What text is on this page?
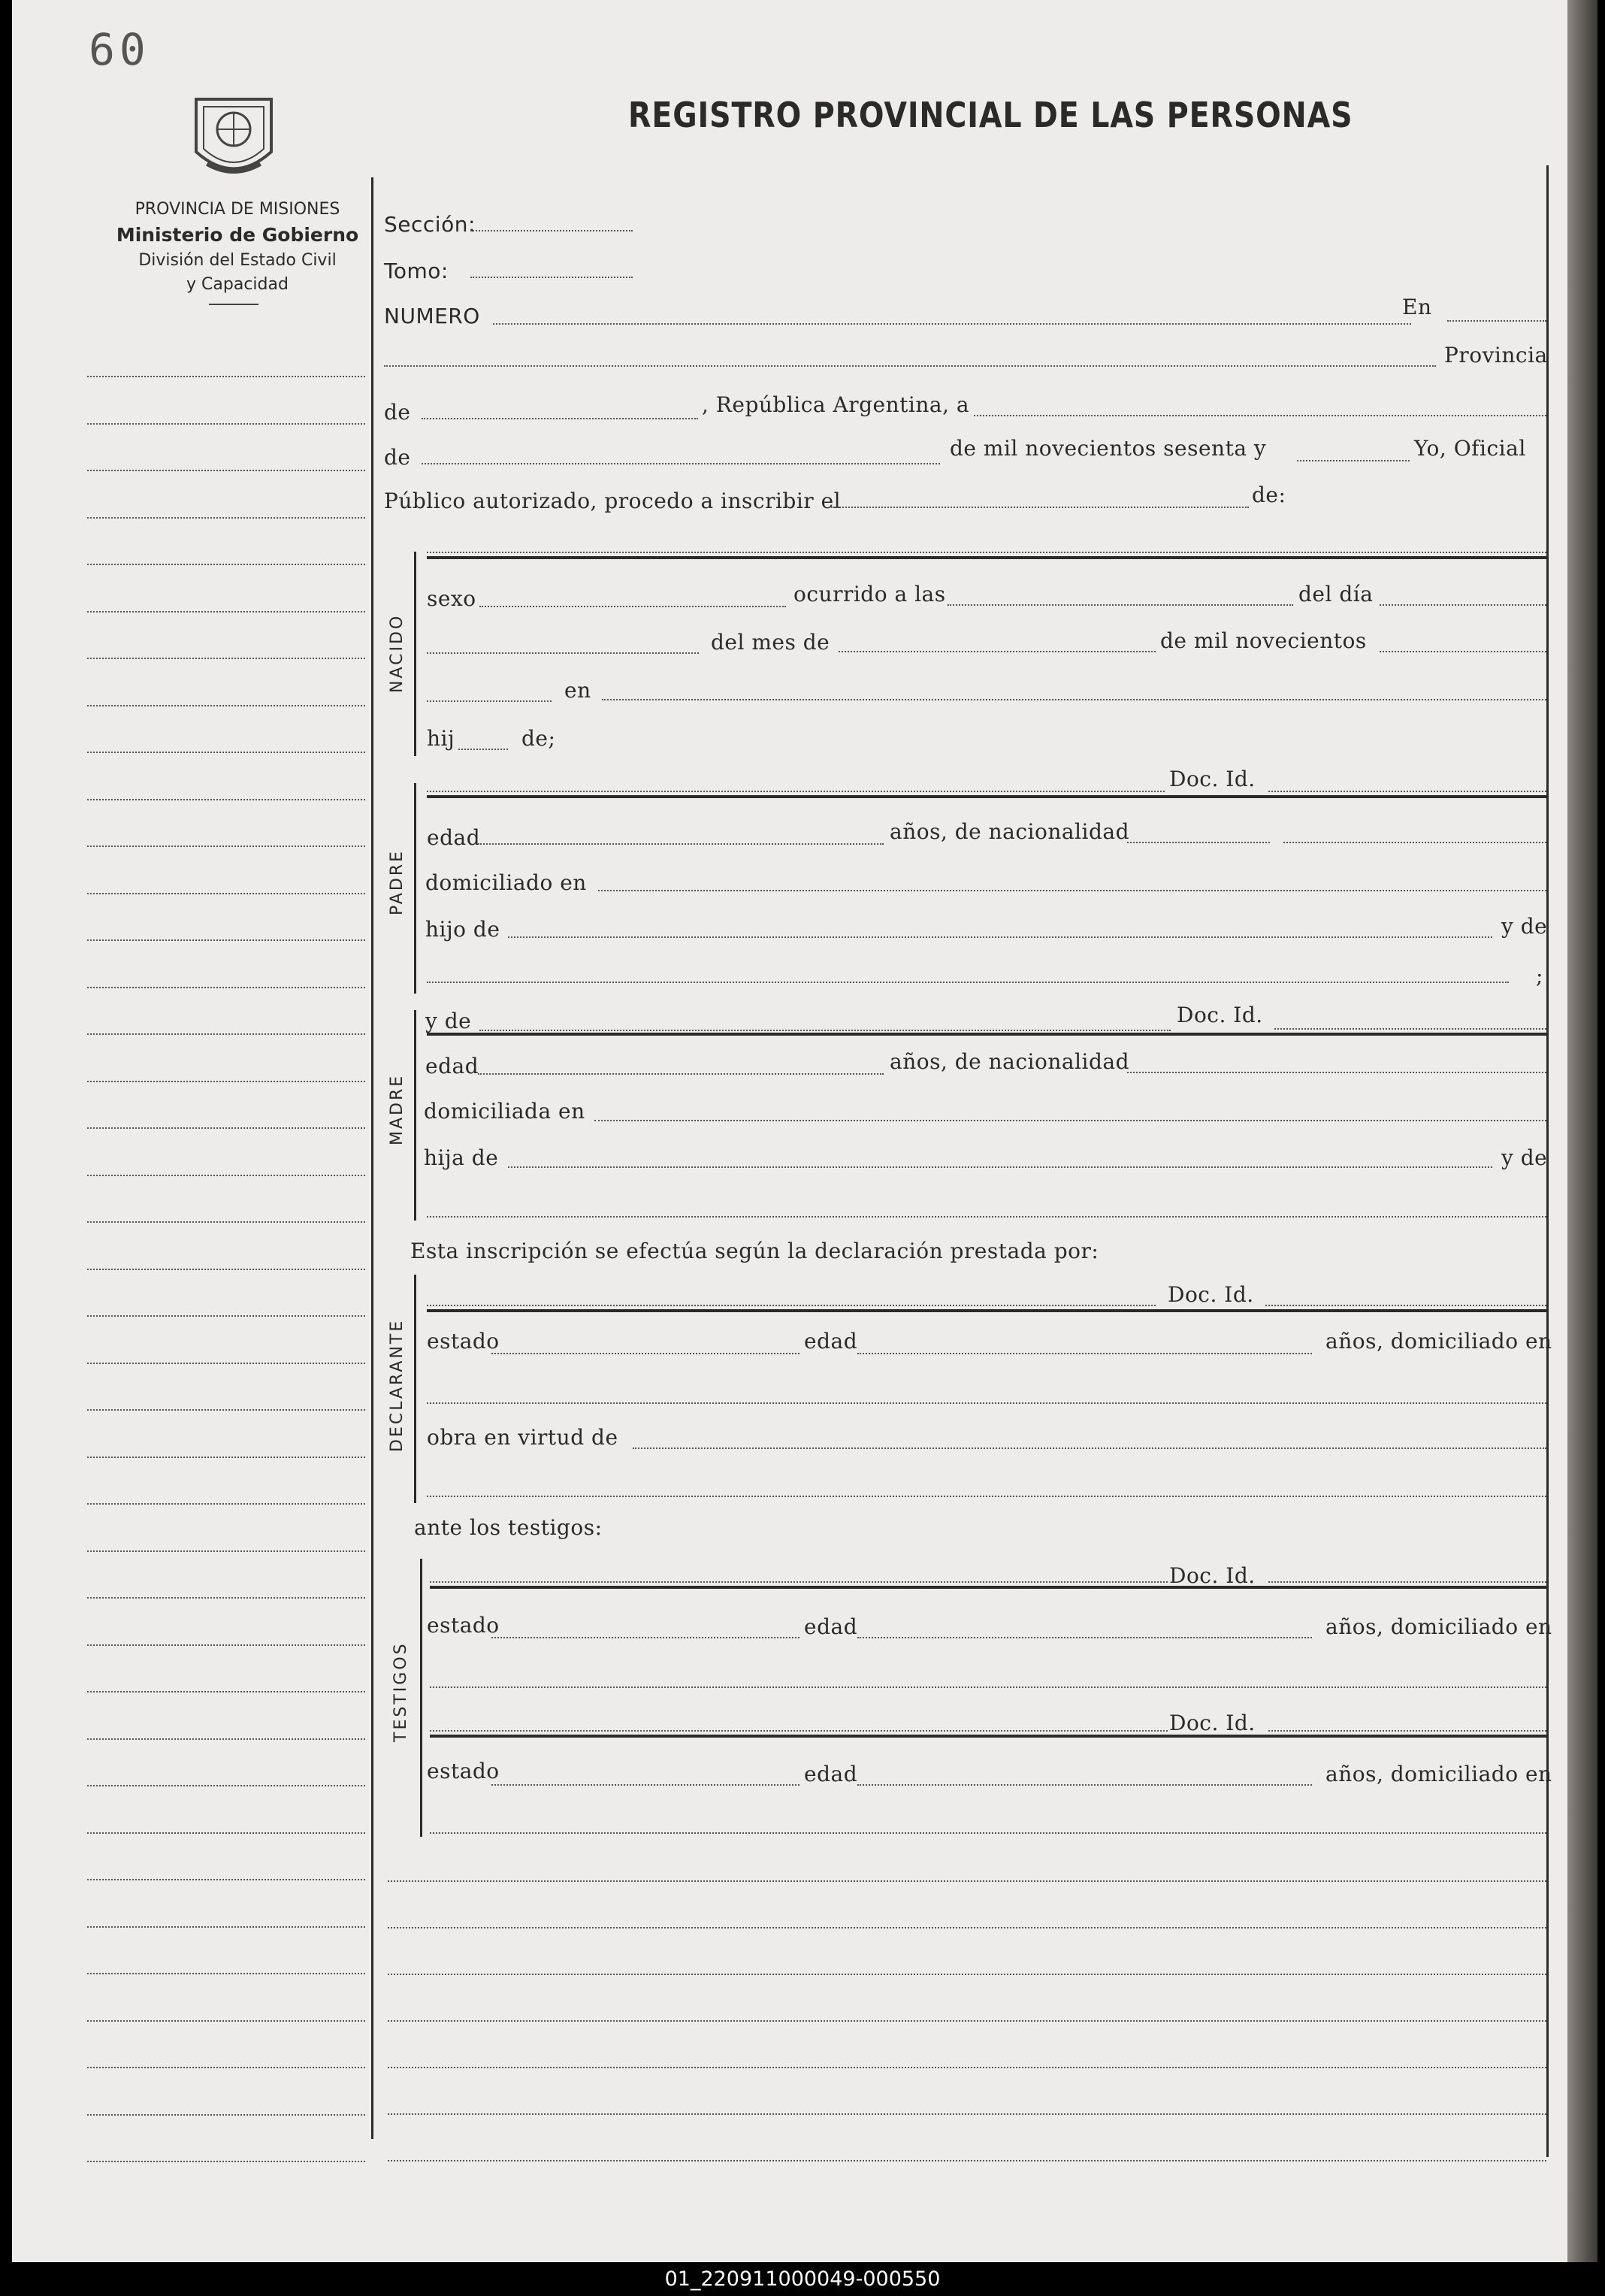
60
PROVINCIA DE MISIONES
Ministerio de Gobierno
División del Estado Civil
y Capacidad
REGISTRO PROVINCIAL DE LAS PERSONAS
Sección:
Tomo:
NUMERO	En
Provincia
de	, República Argentina, a
de	de mil novecientos sesenta y	Yo, Oficial
Público autorizado, procedo a inscribir el	de:
NACIDO
sexo	ocurrido a las	del día
del mes de	de mil novecientos
en
hij	de;
PADRE
Doc. Id.
edad	años, de nacionalidad
domiciliado en
hijo de	y de
;
MADRE
y de	Doc. Id.
edad	años, de nacionalidad
domiciliada en
hija de	y de
Esta inscripción se efectúa según la declaración prestada por:
DECLARANTE
Doc. Id.
estado	edad	años, domiciliado en
obra en virtud de
ante los testigos:
TESTIGOS
Doc. Id.
estado	edad	años, domiciliado en
Doc. Id.
estado	edad	años, domiciliado en
01_220911000049-000550
